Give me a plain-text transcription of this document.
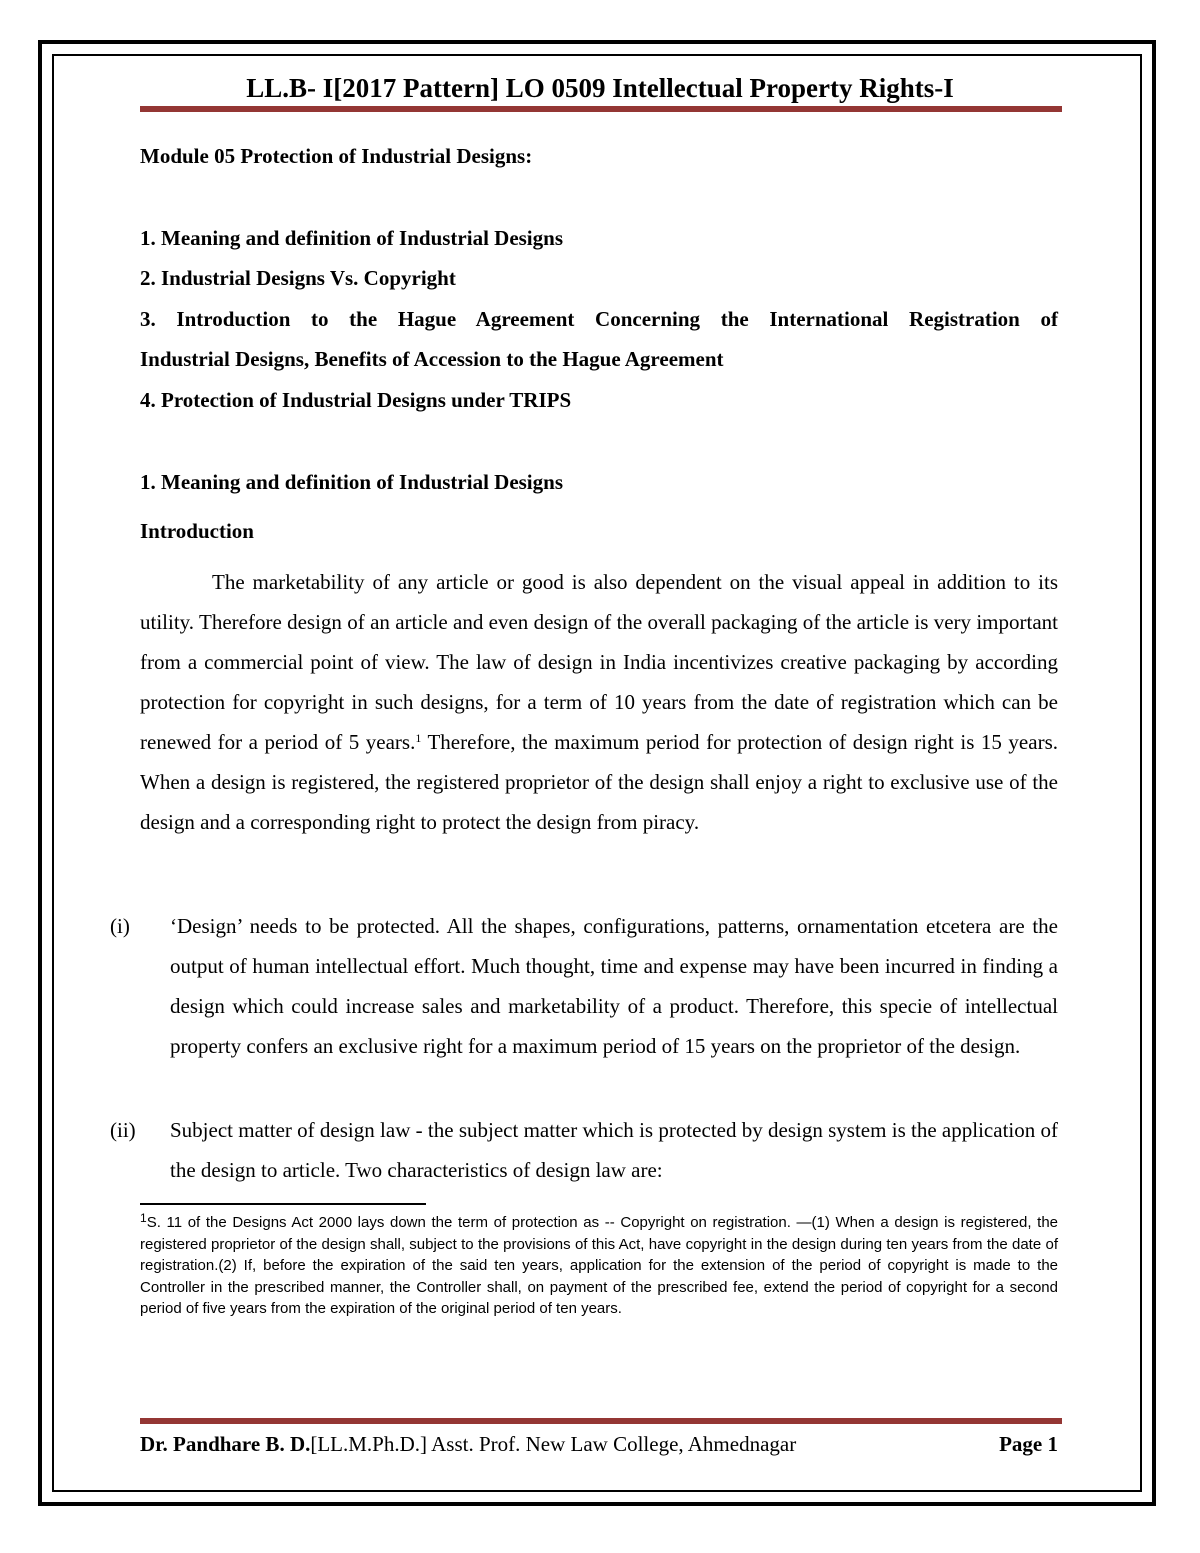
LL.B- I[2017 Pattern] LO 0509 Intellectual Property Rights-I
Module 05 Protection of Industrial Designs:
1. Meaning and definition of Industrial Designs
2. Industrial Designs Vs. Copyright
3. Introduction to the Hague Agreement Concerning the International Registration of
Industrial Designs, Benefits of Accession to the Hague Agreement
4. Protection of Industrial Designs under TRIPS
1. Meaning and definition of Industrial Designs
Introduction
The marketability of any article or good is also dependent on the visual appeal in addition to its utility. Therefore design of an article and even design of the overall packaging of the article is very important from a commercial point of view. The law of design in India incentivizes creative packaging by according protection for copyright in such designs, for a term of 10 years from the date of registration which can be renewed for a period of 5 years.$^1$ Therefore, the maximum period for protection of design right is 15 years. When a design is registered, the registered proprietor of the design shall enjoy a right to exclusive use of the design and a corresponding right to protect the design from piracy.
(i) ‘Design’ needs to be protected. All the shapes, configurations, patterns, ornamentation etcetera are the output of human intellectual effort. Much thought, time and expense may have been incurred in finding a design which could increase sales and marketability of a product. Therefore, this specie of intellectual property confers an exclusive right for a maximum period of 15 years on the proprietor of the design.
(ii) Subject matter of design law - the subject matter which is protected by design system is the application of the design to article. Two characteristics of design law are:
$^1$S. 11 of the Designs Act 2000 lays down the term of protection as -- Copyright on registration. —(1) When a design is registered, the registered proprietor of the design shall, subject to the provisions of this Act, have copyright in the design during ten years from the date of registration.(2) If, before the expiration of the said ten years, application for the extension of the period of copyright is made to the Controller in the prescribed manner, the Controller shall, on payment of the prescribed fee, extend the period of copyright for a second period of five years from the expiration of the original period of ten years.
Dr. Pandhare B. D.[LL.M.Ph.D.] Asst. Prof. New Law College, Ahmednagar	Page 1
